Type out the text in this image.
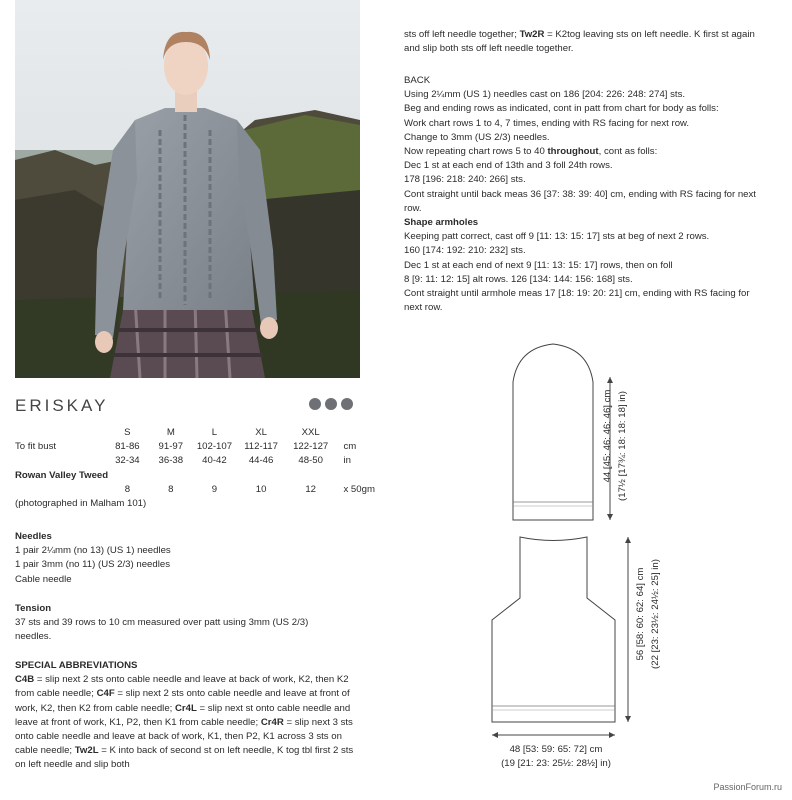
ERISKAY
	S	M	L	XL	XXL	
To fit bust	81-86	91-97	102-107	112-117	122-127	cm
	32-34	36-38	40-42	44-46	48-50	in
Rowan Valley Tweed						
	8	8	9	10	12	x 50gm
(photographed in Malham 101)						

Needles

1 pair 2¼mm (no 13) (US 1) needles

1 pair 3mm (no 11) (US 2/3) needles

Cable needle

Tension

37 sts and 39 rows to 10 cm measured over patt using 3mm (US 2/3)

needles.

SPECIAL ABBREVIATIONS

C4B = slip next 2 sts onto cable needle and leave at back of work, K2, then K2 from cable needle; C4F = slip next 2 sts onto cable needle and leave at front of work, K2, then K2 from cable needle; Cr4L = slip next st onto cable needle and leave at front of work, K1, P2, then K1 from cable needle; Cr4R = slip next 3 sts onto cable needle and leave at back of work, K1, then P2, K1 across 3 sts on cable needle; Tw2L = K into back of second st on left needle, K tog tbl first 2 sts on left needle and slip both

sts off left needle together; Tw2R = K2tog leaving sts on left needle. K first st again and slip both sts off left needle together.

BACK

Using 2¼mm (US 1) needles cast on 186 [204: 226: 248: 274] sts.

Beg and ending rows as indicated, cont in patt from chart for body as folls:

Work chart rows 1 to 4, 7 times, ending with RS facing for next row.

Change to 3mm (US 2/3) needles.

Now repeating chart rows 5 to 40 throughout, cont as folls:

Dec 1 st at each end of 13th and 3 foll 24th rows.

178 [196: 218: 240: 266] sts.

Cont straight until back meas 36 [37: 38: 39: 40] cm, ending with RS facing for next row.

Shape armholes

Keeping patt correct, cast off 9 [11: 13: 15: 17] sts at beg of next 2 rows.

160 [174: 192: 210: 232] sts.

Dec 1 st at each end of next 9 [11: 13: 15: 17] rows, then on foll

8 [9: 11: 12: 15] alt rows. 126 [134: 144: 156: 168] sts.

Cont straight until armhole meas 17 [18: 19: 20: 21] cm, ending with RS facing for next row.

44 [45: 46: 46: 46] cm (17½ [17¾: 18: 18: 18] in)
56 [58: 60: 62: 64] cm (22 [23: 23½: 24½: 25] in)
48 [53: 59: 65: 72] cm
(19 [21: 23: 25½: 28½] in)
PassionForum.ru
